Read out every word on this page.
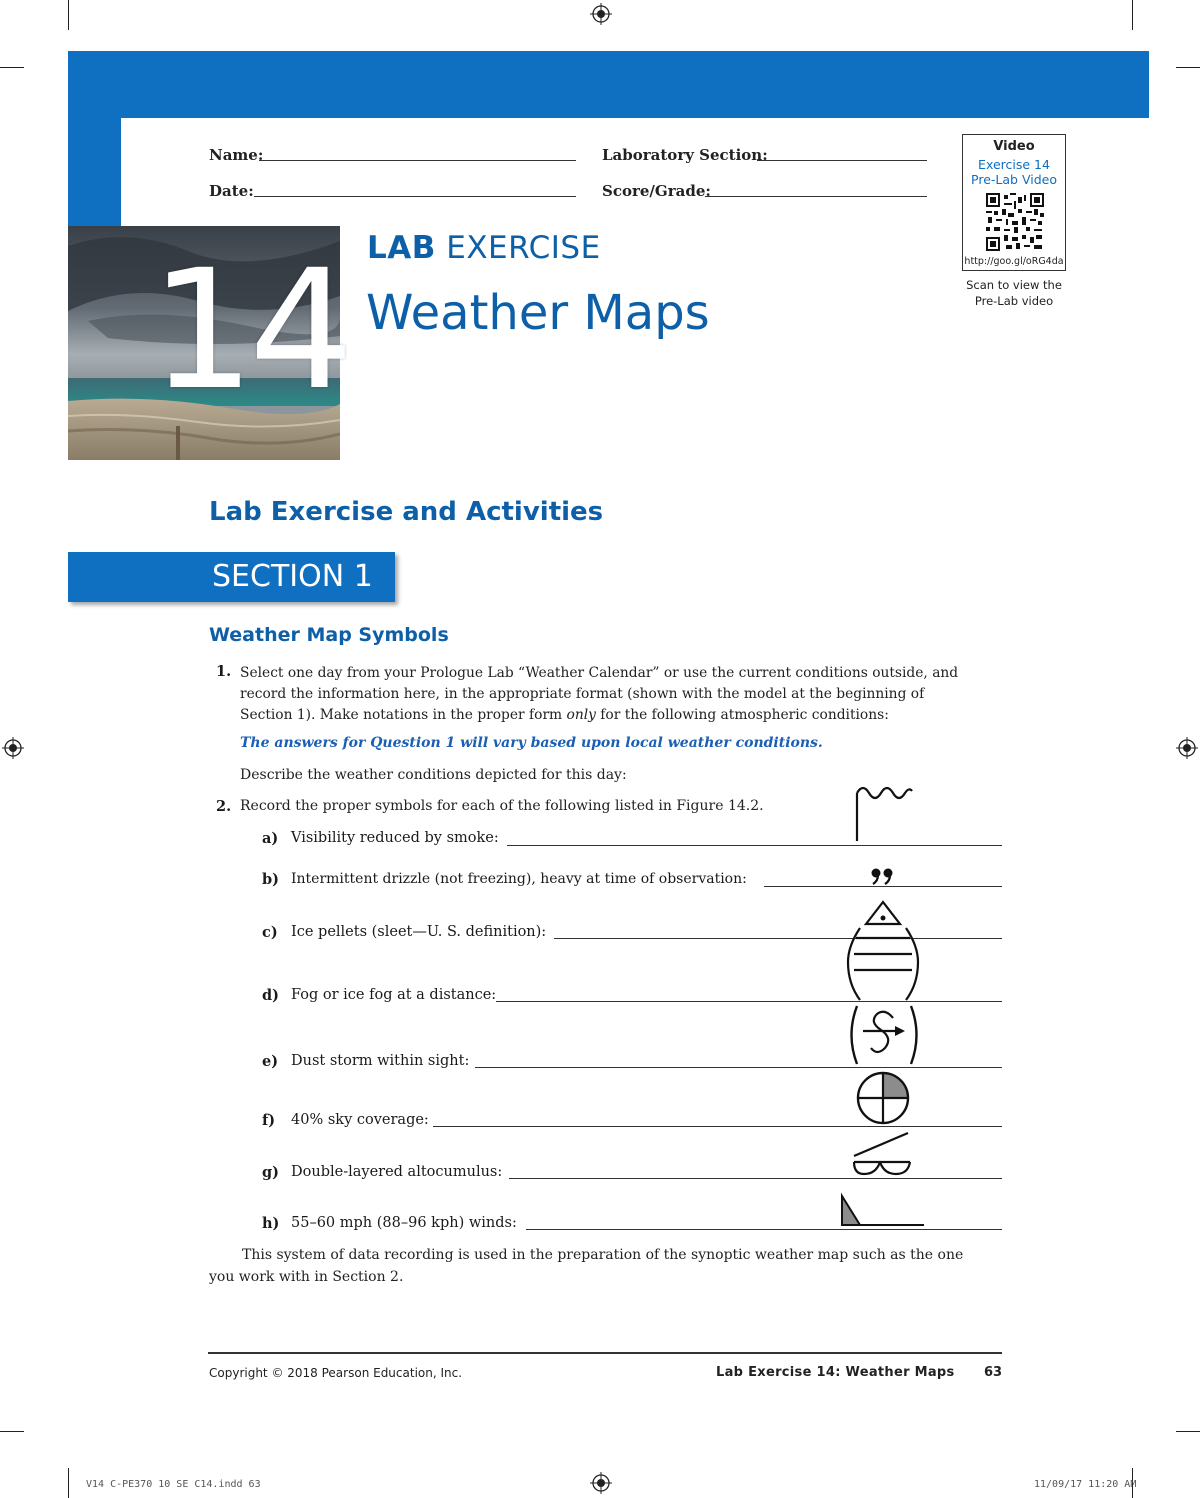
Name:	Laboratory Section:
Date:	Score/Grade:
Video
Exercise 14
Pre-Lab Video
http://goo.gl/oRG4da
Scan to view the
Pre-Lab video
14 LAB EXERCISE
Weather Maps
Lab Exercise and Activities
SECTION 1
Weather Map Symbols
1. Select one day from your Prologue Lab “Weather Calendar” or use the current conditions outside, and
record the information here, in the appropriate format (shown with the model at the beginning of
Section 1). Make notations in the proper form only for the following atmospheric conditions:
The answers for Question 1 will vary based upon local weather conditions.
Describe the weather conditions depicted for this day:
2. Record the proper symbols for each of the following listed in Figure 14.2.
a) Visibility reduced by smoke:
b) Intermittent drizzle (not freezing), heavy at time of observation:
c) Ice pellets (sleet—U. S. definition):
d) Fog or ice fog at a distance:
e) Dust storm within sight:
f) 40% sky coverage:
g) Double-layered altocumulus:
h) 55–60 mph (88–96 kph) winds:
This system of data recording is used in the preparation of the synoptic weather map such as the one
you work with in Section 2.
Copyright © 2018 Pearson Education, Inc.	Lab Exercise 14: Weather Maps 63
V14 C-PE370 10 SE C14.indd 63	11/09/17 11:20 AM
